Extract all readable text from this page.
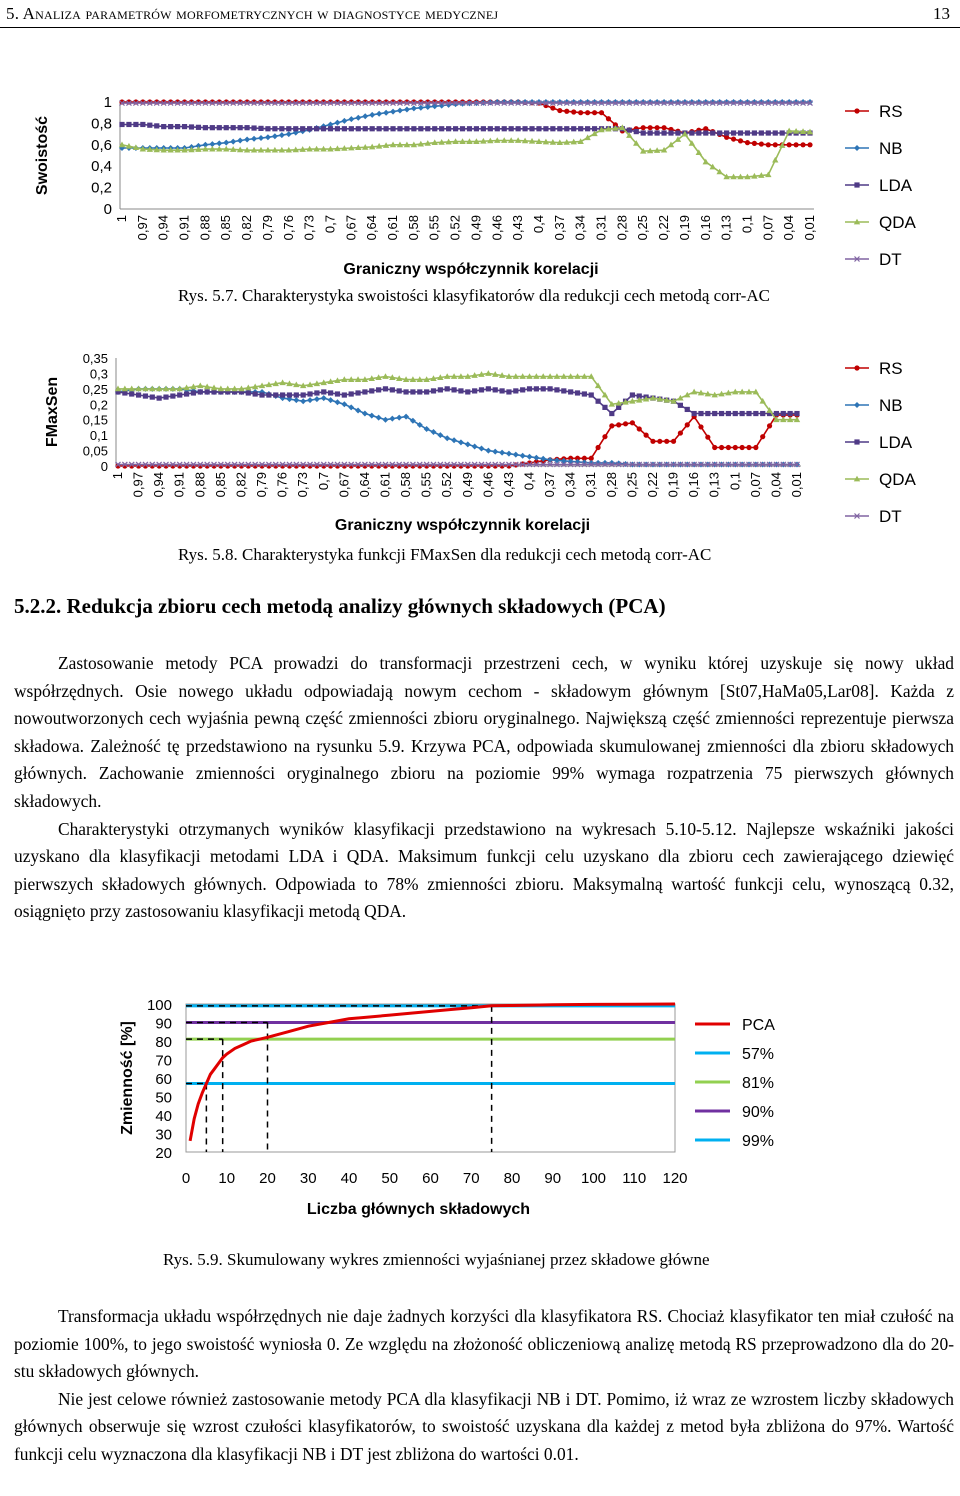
5. Analiza parametrów morfometrycznych w diagnostyce medycznej	13
1
0,8
0,6
0,4
0,2
0
1 0,97 0,94 0,91 0,88 0,85 0,82 0,79 0,76 0,73 0,7 0,67 0,64 0,61 0,58 0,55 0,52 0,49 0,46 0,43 0,4 0,37 0,34 0,31 0,28 0,25 0,22 0,19 0,16 0,13 0,1 0,07 0,04 0,01
Swoistość
Graniczny współczynnik korelacji
RS
NB
LDA
QDA
DT
Rys. 5.7. Charakterystyka swoistości klasyfikatorów dla redukcji cech metodą corr-AC
0,35
0,3
0,25
0,2
0,15
0,1
0,05
0
1 0,97 0,94 0,91 0,88 0,85 0,82 0,79 0,76 0,73 0,7 0,67 0,64 0,61 0,58 0,55 0,52 0,49 0,46 0,43 0,4 0,37 0,34 0,31 0,28 0,25 0,22 0,19 0,16 0,13 0,1 0,07 0,04 0,01
FMaxSen
Graniczny współczynnik korelacji
RS
NB
LDA
QDA
DT
Rys. 5.8. Charakterystyka funkcji FMaxSen dla redukcji cech metodą corr-AC
5.2.2. Redukcja zbioru cech metodą analizy głównych składowych (PCA)

Zastosowanie metody PCA prowadzi do transformacji przestrzeni cech, w wyniku której uzyskuje się nowy układ współrzędnych. Osie nowego układu odpowiadają nowym cechom - składowym głównym [St07,HaMa05,Lar08]. Każda z nowoutworzonych cech wyjaśnia pewną część zmienności zbioru oryginalnego. Największą część zmienności reprezentuje pierwsza składowa. Zależność tę przedstawiono na rysunku 5.9. Krzywa PCA, odpowiada skumulowanej zmienności dla zbioru składowych głównych. Zachowanie zmienności oryginalnego zbioru na poziomie 99% wymaga rozpatrzenia 75 pierwszych głównych składowych.

Charakterystyki otrzymanych wyników klasyfikacji przedstawiono na wykresach 5.10-5.12. Najlepsze wskaźniki jakości uzyskano dla klasyfikacji metodami LDA i QDA. Maksimum funkcji celu uzyskano dla zbioru cech zawierającego dziewięć pierwszych składowych głównych. Odpowiada to 78% zmienności zbioru. Maksymalną wartość funkcji celu, wynoszącą 0.32, osiągnięto przy zastosowaniu klasyfikacji metodą QDA.

100
90
80
70
60
50
40
30
20
0 10 20 30 40 50 60 70 80 90 100 110 120
Zmienność [%]
Liczba głównych składowych
PCA
57%
81%
90%
99%
Rys. 5.9. Skumulowany wykres zmienności wyjaśnianej przez składowe główne

Transformacja układu współrzędnych nie daje żadnych korzyści dla klasyfikatora RS. Chociaż klasyfikator ten miał czułość na poziomie 100%, to jego swoistość wyniosła 0. Ze względu na złożoność obliczeniową analizę metodą RS przeprowadzono dla do 20-stu składowych głównych.

Nie jest celowe również zastosowanie metody PCA dla klasyfikacji NB i DT. Pomimo, iż wraz ze wzrostem liczby składowych głównych obserwuje się wzrost czułości klasyfikatorów, to swoistość uzyskana dla każdej z metod była zbliżona do 97%. Wartość funkcji celu wyznaczona dla klasyfikacji NB i DT jest zbliżona do wartości 0.01.
